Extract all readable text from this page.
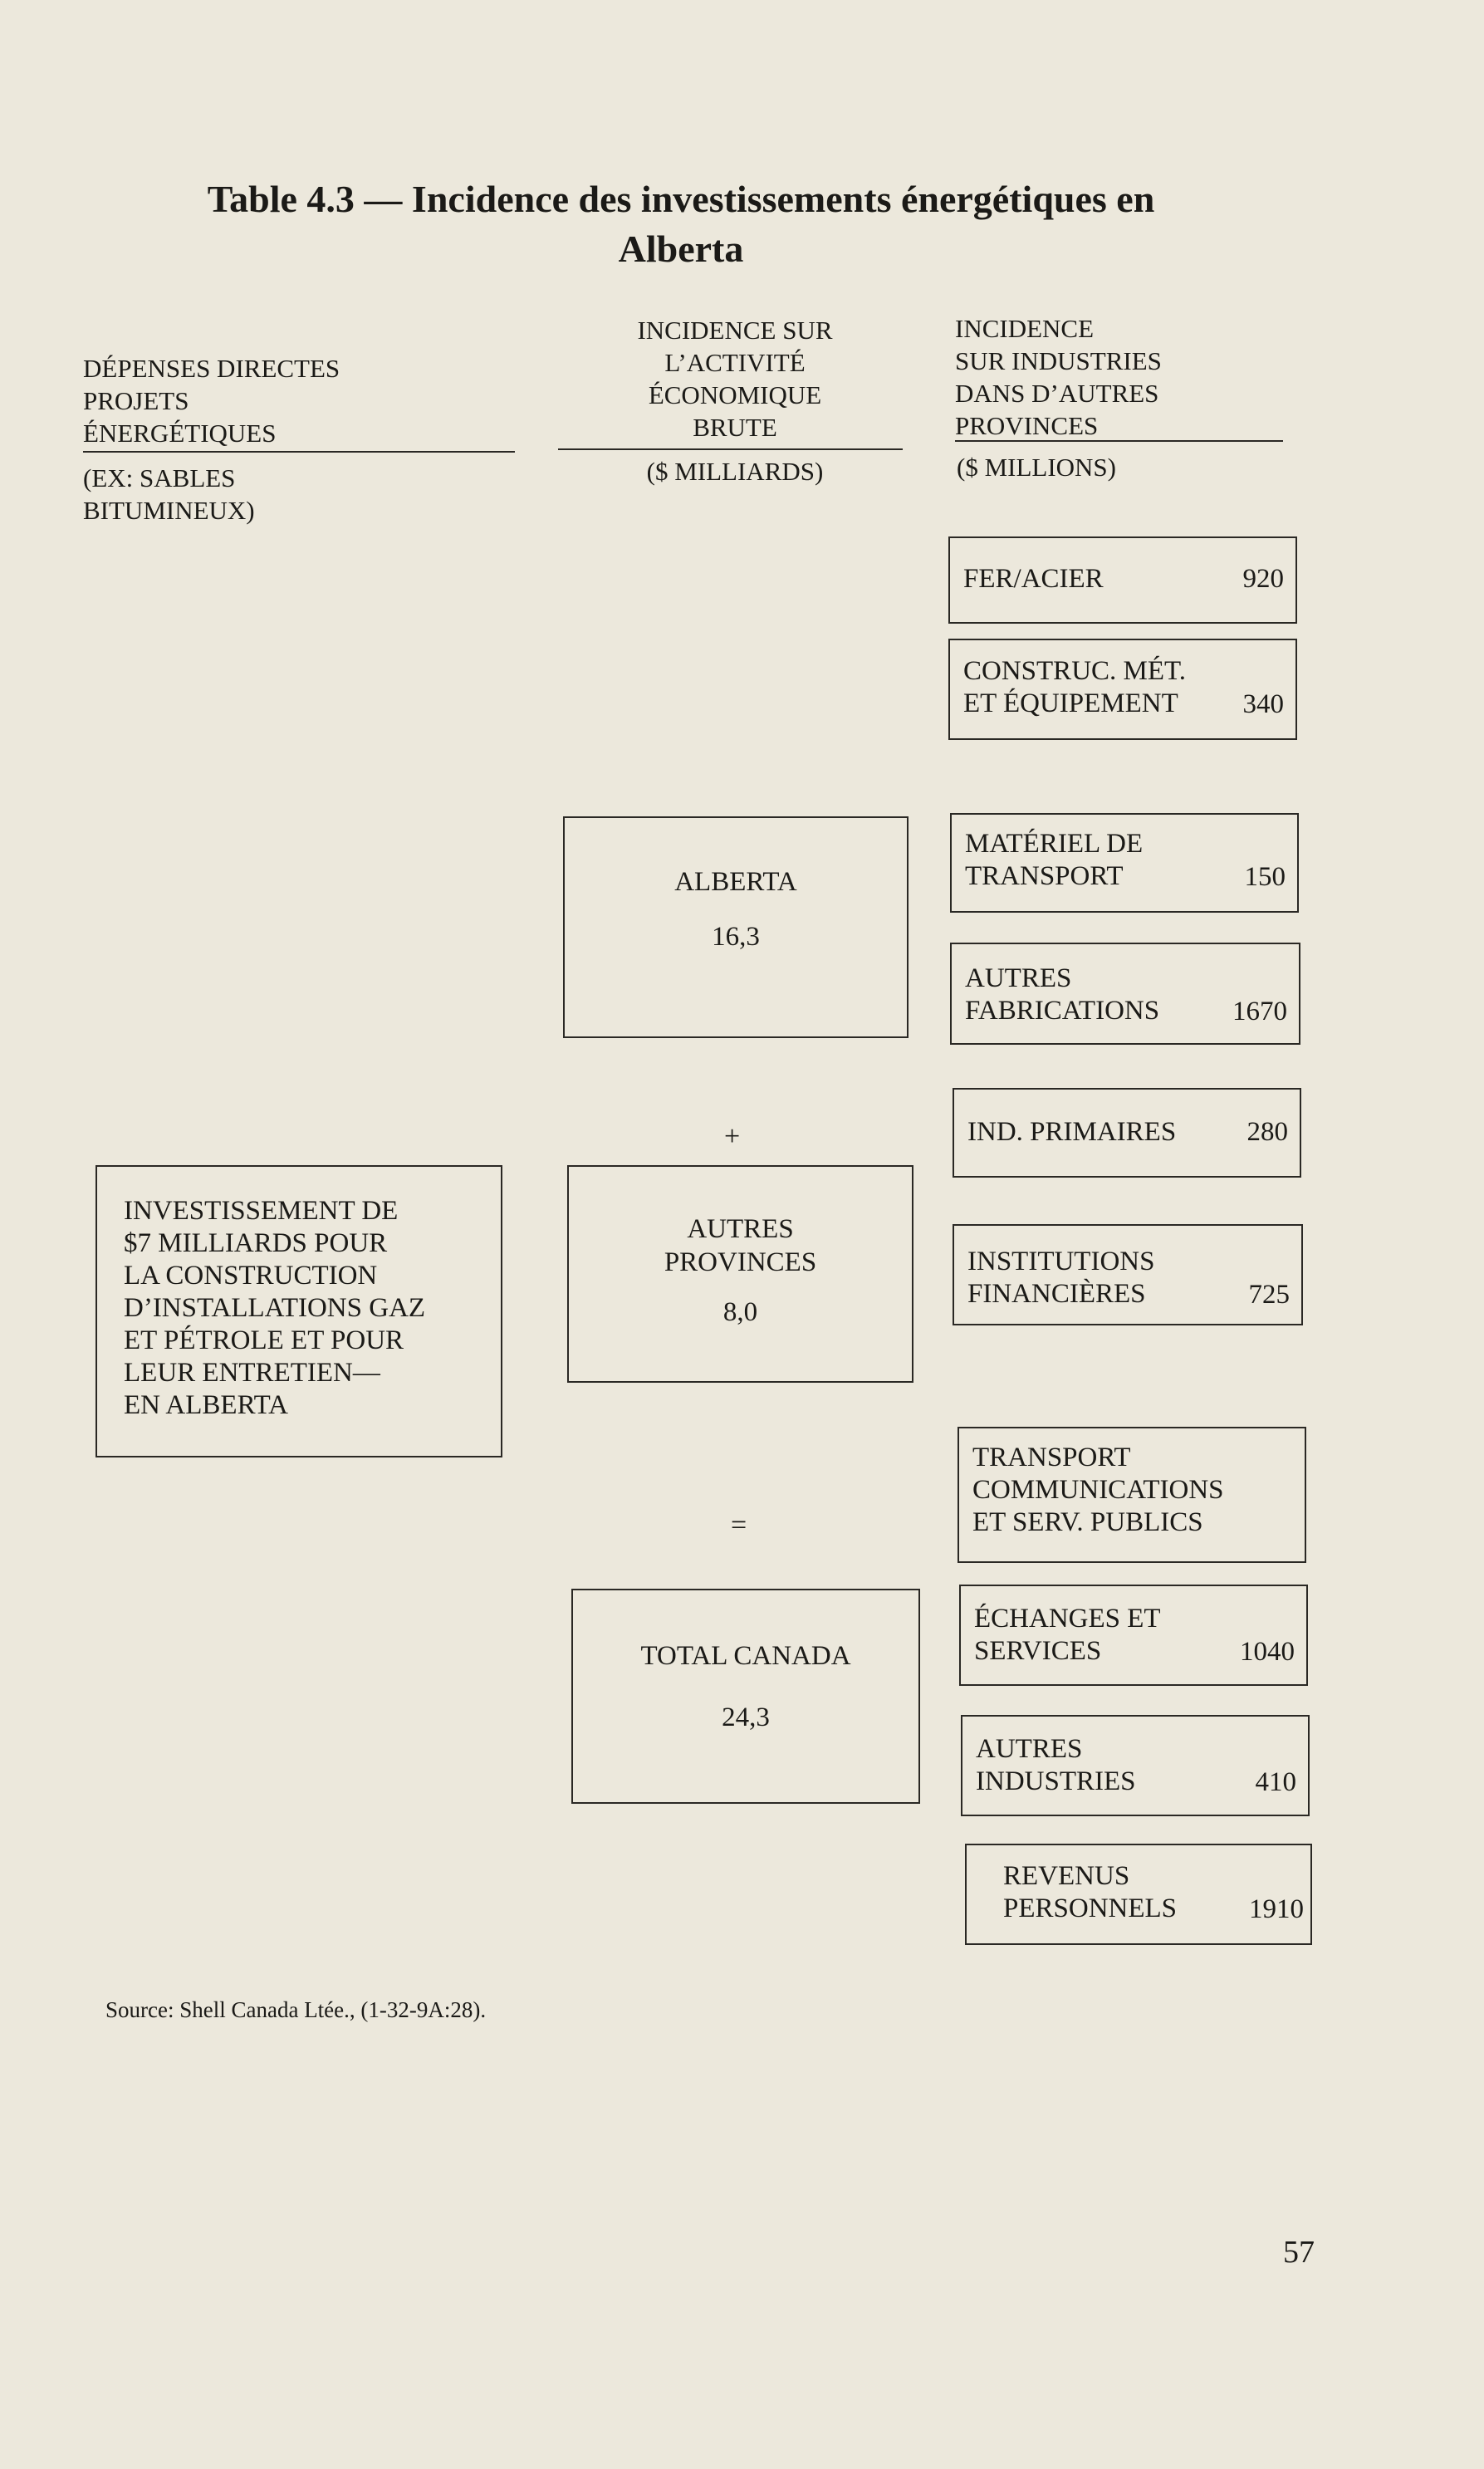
Table 4.3 — Incidence des investissements énergétiques en
Alberta
DÉPENSES DIRECTES
PROJETS
ÉNERGÉTIQUES
(EX: SABLES
BITUMINEUX)
INCIDENCE SUR
L’ACTIVITÉ
ÉCONOMIQUE
BRUTE
($ MILLIARDS)
INCIDENCE
SUR INDUSTRIES
DANS D’AUTRES
PROVINCES
($ MILLIONS)
INVESTISSEMENT DE
$7 MILLIARDS POUR
LA CONSTRUCTION
D’INSTALLATIONS GAZ
ET PÉTROLE ET POUR
LEUR ENTRETIEN—
EN ALBERTA
ALBERTA
16,3
+
AUTRES
PROVINCES
8,0
=
TOTAL CANADA
24,3
FER/ACIER	920
CONSTRUC. MÉT.
ET ÉQUIPEMENT 340
MATÉRIEL DE
TRANSPORT	150
AUTRES
FABRICATIONS	1670
IND. PRIMAIRES	280
INSTITUTIONS
FINANCIÈRES	725
TRANSPORT
COMMUNICATIONS
ET SERV. PUBLICS
ÉCHANGES ET
SERVICES	1040
AUTRES
INDUSTRIES	410
REVENUS
PERSONNELS	1910
Source: Shell Canada Ltée., (1-32-9A:28).
57
